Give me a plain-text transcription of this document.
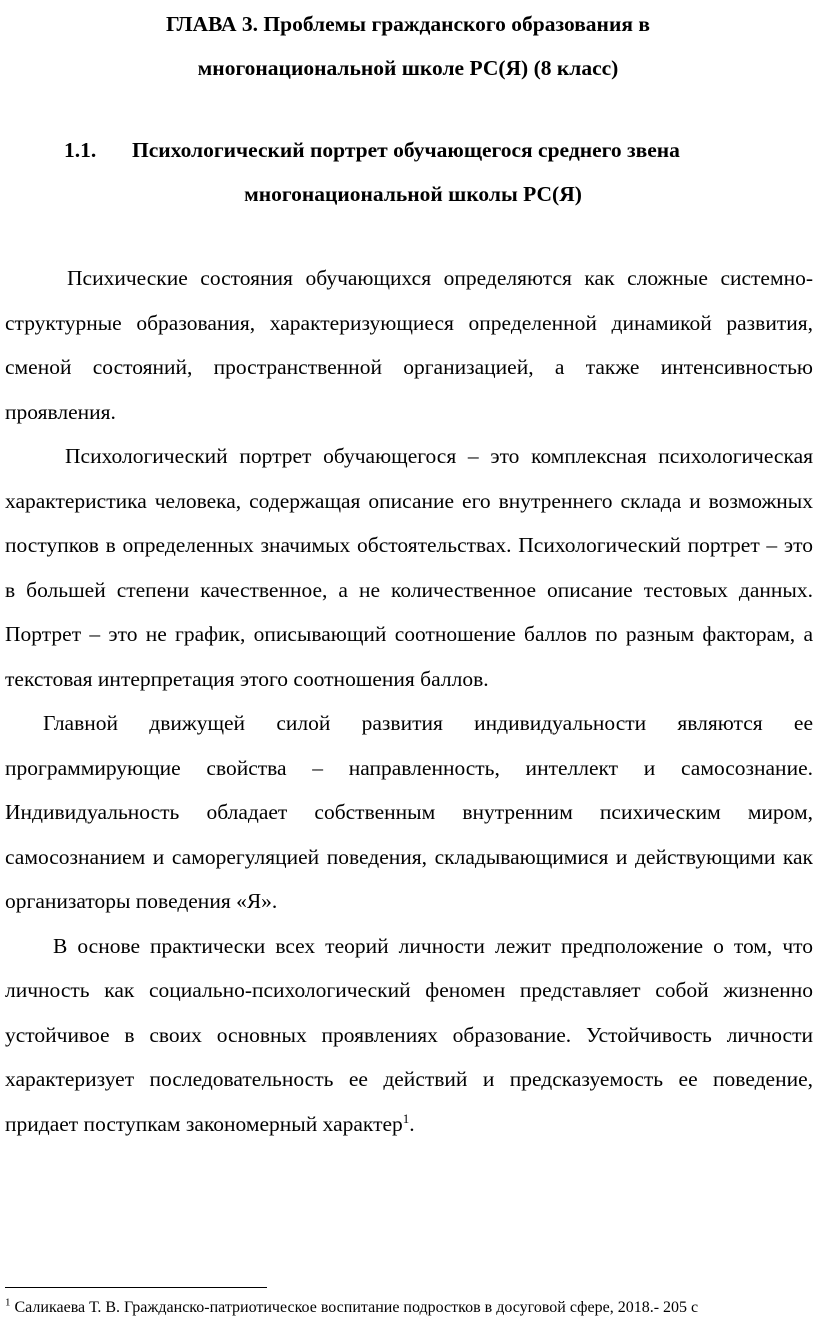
ГЛАВА 3. Проблемы гражданского образования в
многонациональной школе РС(Я) (8 класс)
1.1. Психологический портрет обучающегося среднего звена
многонациональной школы РС(Я)

Психические состояния обучающихся определяются как сложные системно-структурные образования, характеризующиеся определенной динамикой развития, сменой состояний, пространственной организацией, а также интенсивностью проявления.

Психологический портрет обучающегося – это комплексная психологическая характеристика человека, содержащая описание его внутреннего склада и возможных поступков в определенных значимых обстоятельствах. Психологический портрет – это в большей степени качественное, а не количественное описание тестовых данных. Портрет – это не график, описывающий соотношение баллов по разным факторам, а текстовая интерпретация этого соотношения баллов.

Главной движущей силой развития индивидуальности являются ее программирующие свойства – направленность, интеллект и самосознание. Индивидуальность обладает собственным внутренним психическим миром, самосознанием и саморегуляцией поведения, складывающимися и действующими как организаторы поведения «Я».

В основе практически всех теорий личности лежит предположение о том, что личность как социально-психологический феномен представляет собой жизненно устойчивое в своих основных проявлениях образование. Устойчивость личности характеризует последовательность ее действий и предсказуемость ее поведение, придает поступкам закономерный характер$^1$.

$^1$ Саликаева Т. В. Гражданско-патриотическое воспитание подростков в досуговой сфере, 2018.- 205 с
